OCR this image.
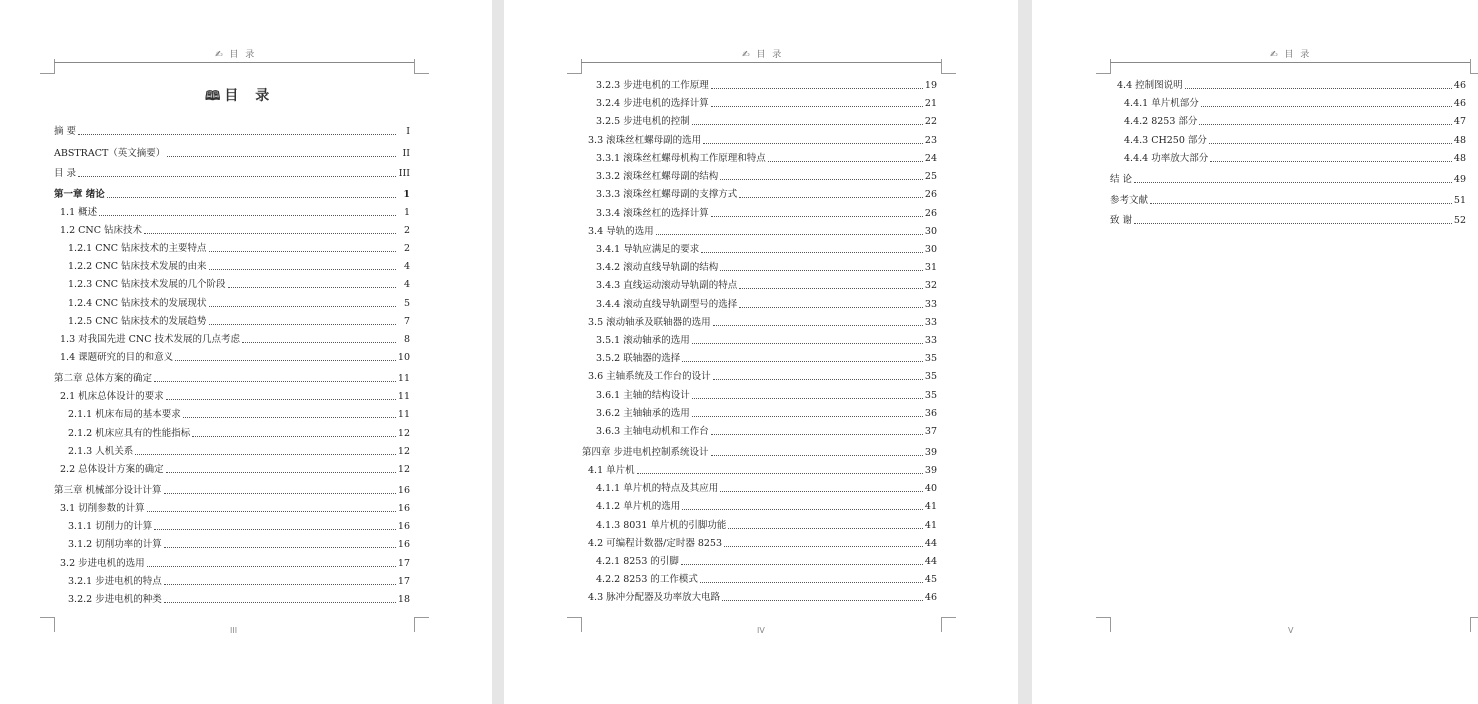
✍ 目 录
🕮 目 录
摘 要	I
ABSTRACT（英文摘要）	II
目 录	III
第一章 绪论	1
1.1 概述	1
1.2 CNC 钻床技术	2
1.2.1 CNC 钻床技术的主要特点	2
1.2.2 CNC 钻床技术发展的由来	4
1.2.3 CNC 钻床技术发展的几个阶段	4
1.2.4 CNC 钻床技术的发展现状	5
1.2.5 CNC 钻床技术的发展趋势	7
1.3 对我国先进 CNC 技术发展的几点考虑	8
1.4 课题研究的目的和意义	10
第二章 总体方案的确定	11
2.1 机床总体设计的要求	11
2.1.1 机床布局的基本要求	11
2.1.2 机床应具有的性能指标	12
2.1.3 人机关系	12
2.2 总体设计方案的确定	12
第三章 机械部分设计计算	16
3.1 切削参数的计算	16
3.1.1 切削力的计算	16
3.1.2 切削功率的计算	16
3.2 步进电机的选用	17
3.2.1 步进电机的特点	17
3.2.2 步进电机的种类	18
III
✍ 目 录
3.2.3 步进电机的工作原理	19
3.2.4 步进电机的选择计算	21
3.2.5 步进电机的控制	22
3.3 滚珠丝杠螺母副的选用	23
3.3.1 滚珠丝杠螺母机构工作原理和特点	24
3.3.2 滚珠丝杠螺母副的结构	25
3.3.3 滚珠丝杠螺母副的支撑方式	26
3.3.4 滚珠丝杠的选择计算	26
3.4 导轨的选用	30
3.4.1 导轨应满足的要求	30
3.4.2 滚动直线导轨副的结构	31
3.4.3 直线运动滚动导轨副的特点	32
3.4.4 滚动直线导轨副型号的选择	33
3.5 滚动轴承及联轴器的选用	33
3.5.1 滚动轴承的选用	33
3.5.2 联轴器的选择	35
3.6 主轴系统及工作台的设计	35
3.6.1 主轴的结构设计	35
3.6.2 主轴轴承的选用	36
3.6.3 主轴电动机和工作台	37
第四章 步进电机控制系统设计	39
4.1 单片机	39
4.1.1 单片机的特点及其应用	40
4.1.2 单片机的选用	41
4.1.3 8031 单片机的引脚功能	41
4.2 可编程计数器/定时器 8253	44
4.2.1 8253 的引脚	44
4.2.2 8253 的工作模式	45
4.3 脉冲分配器及功率放大电路	46
IV
✍ 目 录
4.4 控制图说明	46
4.4.1 单片机部分	46
4.4.2 8253 部分	47
4.4.3 CH250 部分	48
4.4.4 功率放大部分	48
结 论	49
参考文献	51
致 谢	52
V
